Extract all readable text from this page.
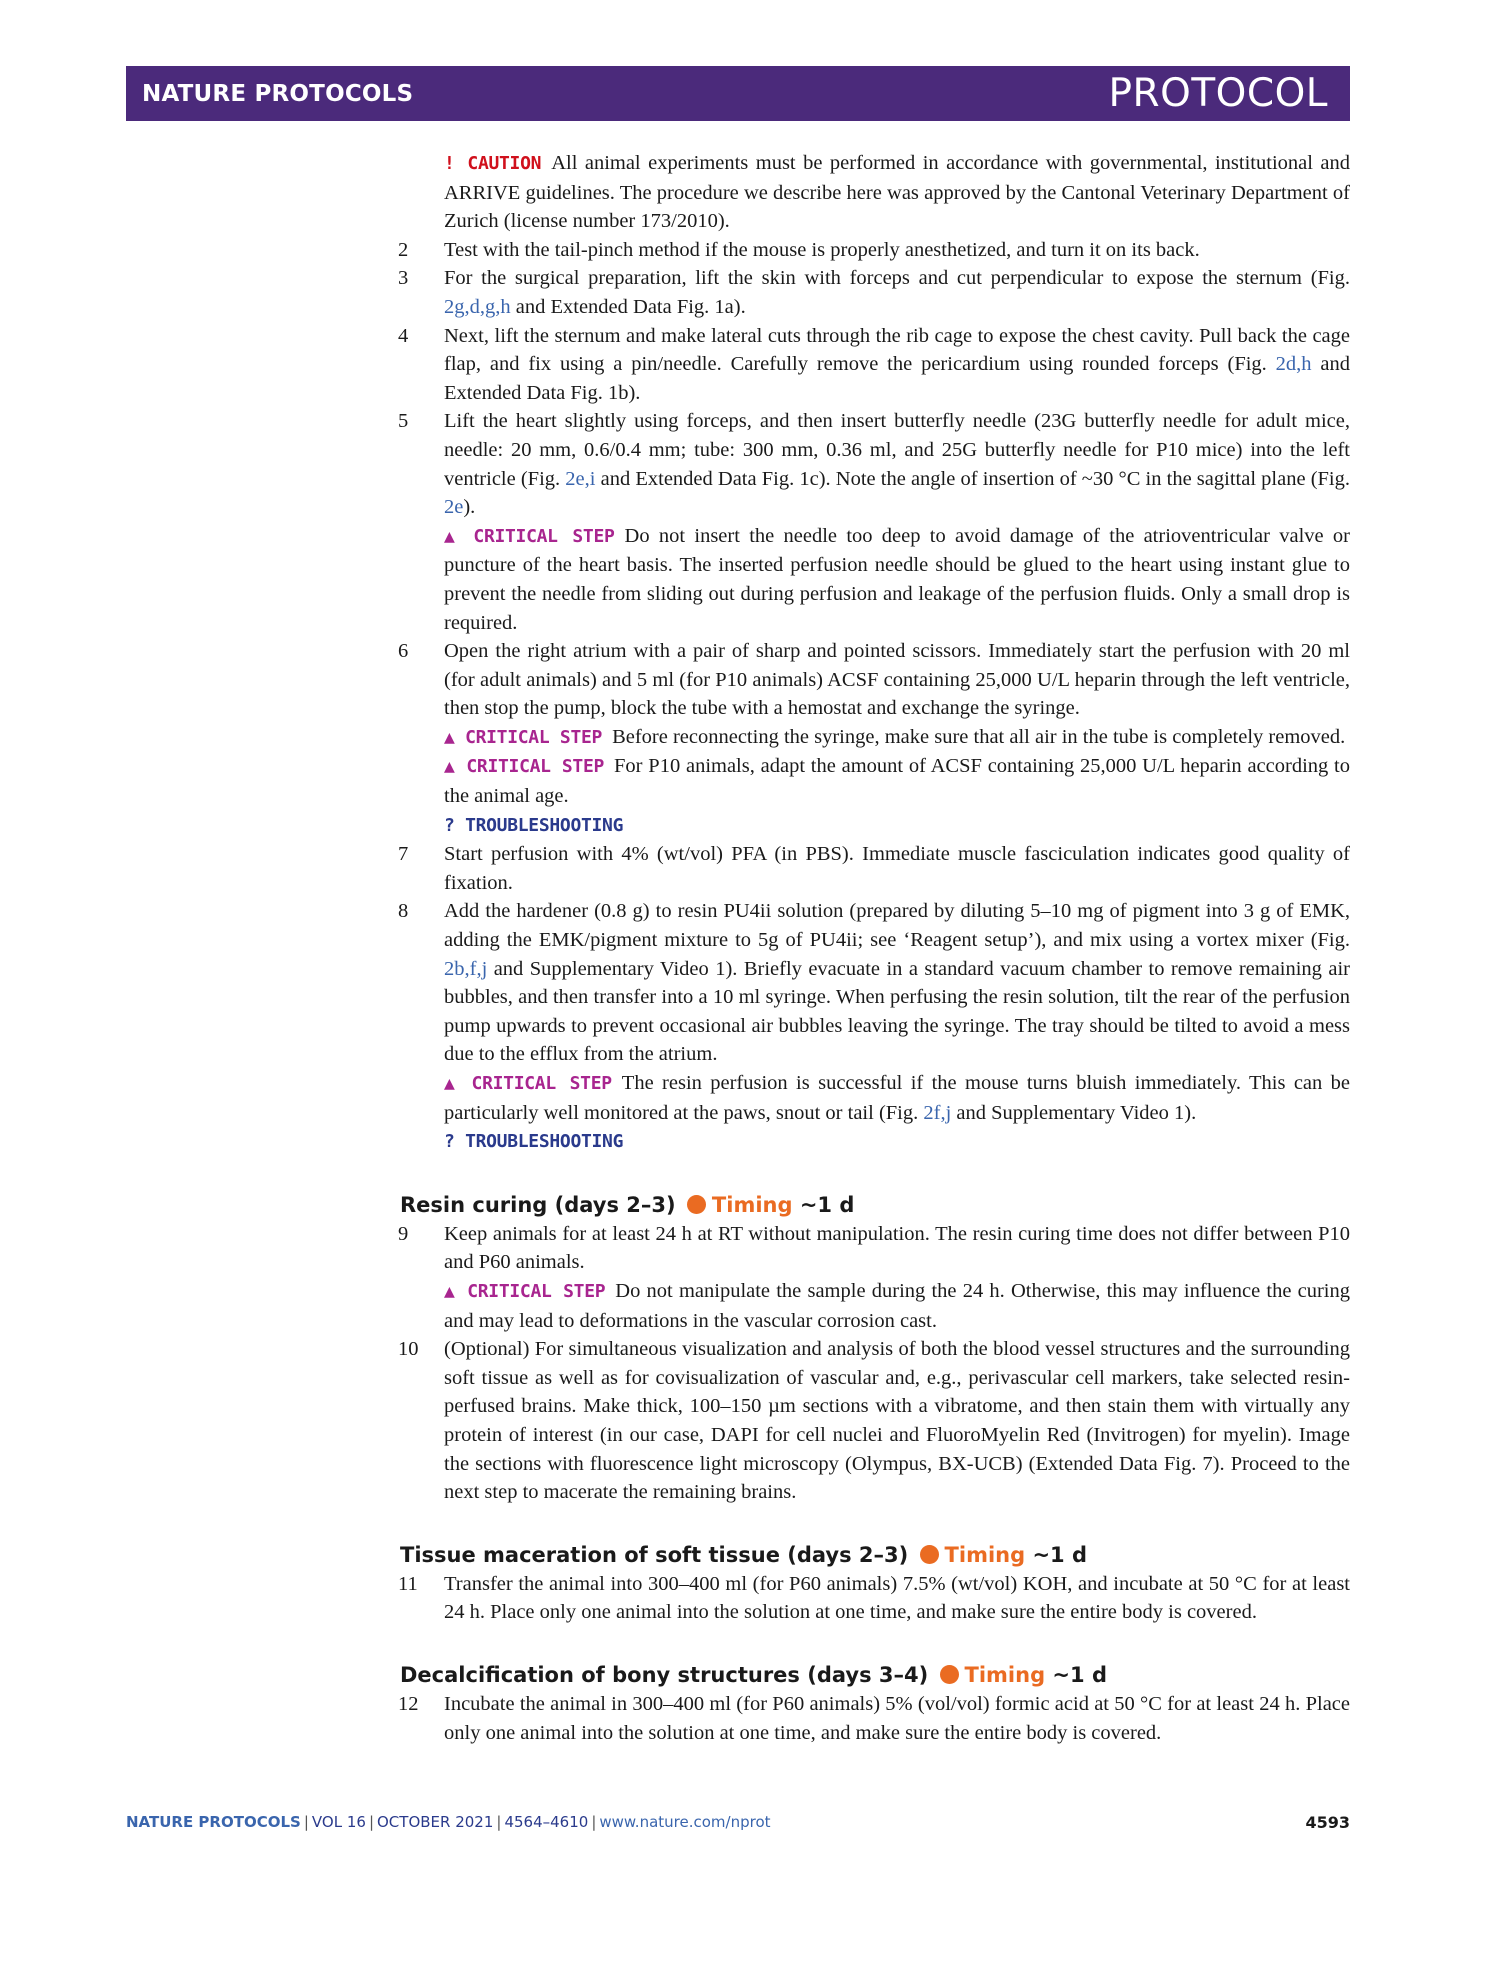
NATURE PROTOCOLS	PROTOCOL
! CAUTION All animal experiments must be performed in accordance with governmental, institutional and ARRIVE guidelines. The procedure we describe here was approved by the Cantonal Veterinary Department of Zurich (license number 173/2010).
2	Test with the tail-pinch method if the mouse is properly anesthetized, and turn it on its back.
3	For the surgical preparation, lift the skin with forceps and cut perpendicular to expose the sternum (Fig. 2g,d,g,h and Extended Data Fig. 1a).
4	Next, lift the sternum and make lateral cuts through the rib cage to expose the chest cavity. Pull back the cage flap, and fix using a pin/needle. Carefully remove the pericardium using rounded forceps (Fig. 2d,h and Extended Data Fig. 1b).
5	Lift the heart slightly using forceps, and then insert butterfly needle (23G butterfly needle for adult mice, needle: 20 mm, 0.6/0.4 mm; tube: 300 mm, 0.36 ml, and 25G butterfly needle for P10 mice) into the left ventricle (Fig. 2e,i and Extended Data Fig. 1c). Note the angle of insertion of ~30 °C in the sagittal plane (Fig. 2e).
▲ CRITICAL STEP Do not insert the needle too deep to avoid damage of the atrioventricular valve or puncture of the heart basis. The inserted perfusion needle should be glued to the heart using instant glue to prevent the needle from sliding out during perfusion and leakage of the perfusion fluids. Only a small drop is required.
6	Open the right atrium with a pair of sharp and pointed scissors. Immediately start the perfusion with 20 ml (for adult animals) and 5 ml (for P10 animals) ACSF containing 25,000 U/L heparin through the left ventricle, then stop the pump, block the tube with a hemostat and exchange the syringe.
▲ CRITICAL STEP Before reconnecting the syringe, make sure that all air in the tube is completely removed.
▲ CRITICAL STEP For P10 animals, adapt the amount of ACSF containing 25,000 U/L heparin according to the animal age.
? TROUBLESHOOTING
7	Start perfusion with 4% (wt/vol) PFA (in PBS). Immediate muscle fasciculation indicates good quality of fixation.
8	Add the hardener (0.8 g) to resin PU4ii solution (prepared by diluting 5–10 mg of pigment into 3 g of EMK, adding the EMK/pigment mixture to 5g of PU4ii; see ‘Reagent setup’), and mix using a vortex mixer (Fig. 2b,f,j and Supplementary Video 1). Briefly evacuate in a standard vacuum chamber to remove remaining air bubbles, and then transfer into a 10 ml syringe. When perfusing the resin solution, tilt the rear of the perfusion pump upwards to prevent occasional air bubbles leaving the syringe. The tray should be tilted to avoid a mess due to the efflux from the atrium.
▲ CRITICAL STEP The resin perfusion is successful if the mouse turns bluish immediately. This can be particularly well monitored at the paws, snout or tail (Fig. 2f,j and Supplementary Video 1).
? TROUBLESHOOTING
Resin curing (days 2–3) Timing ~1 d
9	Keep animals for at least 24 h at RT without manipulation. The resin curing time does not differ between P10 and P60 animals.
▲ CRITICAL STEP Do not manipulate the sample during the 24 h. Otherwise, this may influence the curing and may lead to deformations in the vascular corrosion cast.
10	(Optional) For simultaneous visualization and analysis of both the blood vessel structures and the surrounding soft tissue as well as for covisualization of vascular and, e.g., perivascular cell markers, take selected resin-perfused brains. Make thick, 100–150 µm sections with a vibratome, and then stain them with virtually any protein of interest (in our case, DAPI for cell nuclei and FluoroMyelin Red (Invitrogen) for myelin). Image the sections with fluorescence light microscopy (Olympus, BX-UCB) (Extended Data Fig. 7). Proceed to the next step to macerate the remaining brains.
Tissue maceration of soft tissue (days 2–3) Timing ~1 d
11	Transfer the animal into 300–400 ml (for P60 animals) 7.5% (wt/vol) KOH, and incubate at 50 °C for at least 24 h. Place only one animal into the solution at one time, and make sure the entire body is covered.
Decalcification of bony structures (days 3–4) Timing ~1 d
12	Incubate the animal in 300–400 ml (for P60 animals) 5% (vol/vol) formic acid at 50 °C for at least 24 h. Place only one animal into the solution at one time, and make sure the entire body is covered.
NATURE PROTOCOLS | VOL 16 | OCTOBER 2021 | 4564–4610 | www.nature.com/nprot	4593
